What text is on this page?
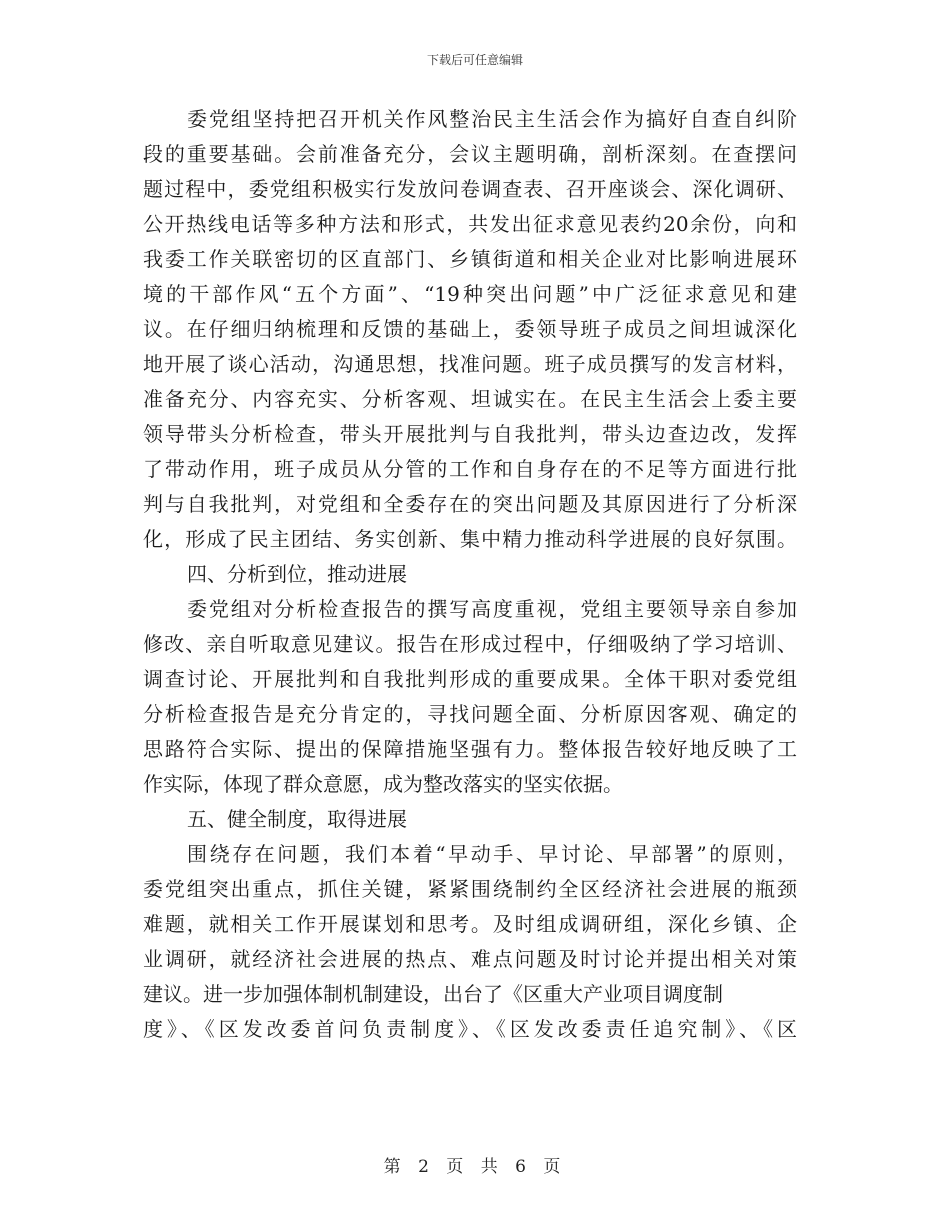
下载后可任意编辑
委党组坚持把召开机关作风整治民主生活会作为搞好自查自纠阶
段的重要基础。会前准备充分，会议主题明确，剖析深刻。在查摆问
题过程中，委党组积极实行发放问卷调查表、召开座谈会、深化调研、
公开热线电话等多种方法和形式，共发出征求意见表约20余份，向和
我委工作关联密切的区直部门、乡镇街道和相关企业对比影响进展环
境的干部作风“五个方面”、“19种突出问题”中广泛征求意见和建
议。在仔细归纳梳理和反馈的基础上，委领导班子成员之间坦诚深化
地开展了谈心活动，沟通思想，找准问题。班子成员撰写的发言材料，
准备充分、内容充实、分析客观、坦诚实在。在民主生活会上委主要
领导带头分析检查，带头开展批判与自我批判，带头边查边改，发挥
了带动作用，班子成员从分管的工作和自身存在的不足等方面进行批
判与自我批判，对党组和全委存在的突出问题及其原因进行了分析深
化，形成了民主团结、务实创新、集中精力推动科学进展的良好氛围。
四、分析到位，推动进展
委党组对分析检查报告的撰写高度重视，党组主要领导亲自参加
修改、亲自听取意见建议。报告在形成过程中，仔细吸纳了学习培训、
调查讨论、开展批判和自我批判形成的重要成果。全体干职对委党组
分析检查报告是充分肯定的，寻找问题全面、分析原因客观、确定的
思路符合实际、提出的保障措施坚强有力。整体报告较好地反映了工
作实际，体现了群众意愿，成为整改落实的坚实依据。
五、健全制度，取得进展
围绕存在问题，我们本着“早动手、早讨论、早部署”的原则，
委党组突出重点，抓住关键，紧紧围绕制约全区经济社会进展的瓶颈
难题，就相关工作开展谋划和思考。及时组成调研组，深化乡镇、企
业调研，就经济社会进展的热点、难点问题及时讨论并提出相关对策
建议。进一步加强体制机制建设，出台了《区重大产业项目调度制
度》、《区发改委首问负责制度》、《区发改委责任追究制》、《区
第 2 页 共 6 页
